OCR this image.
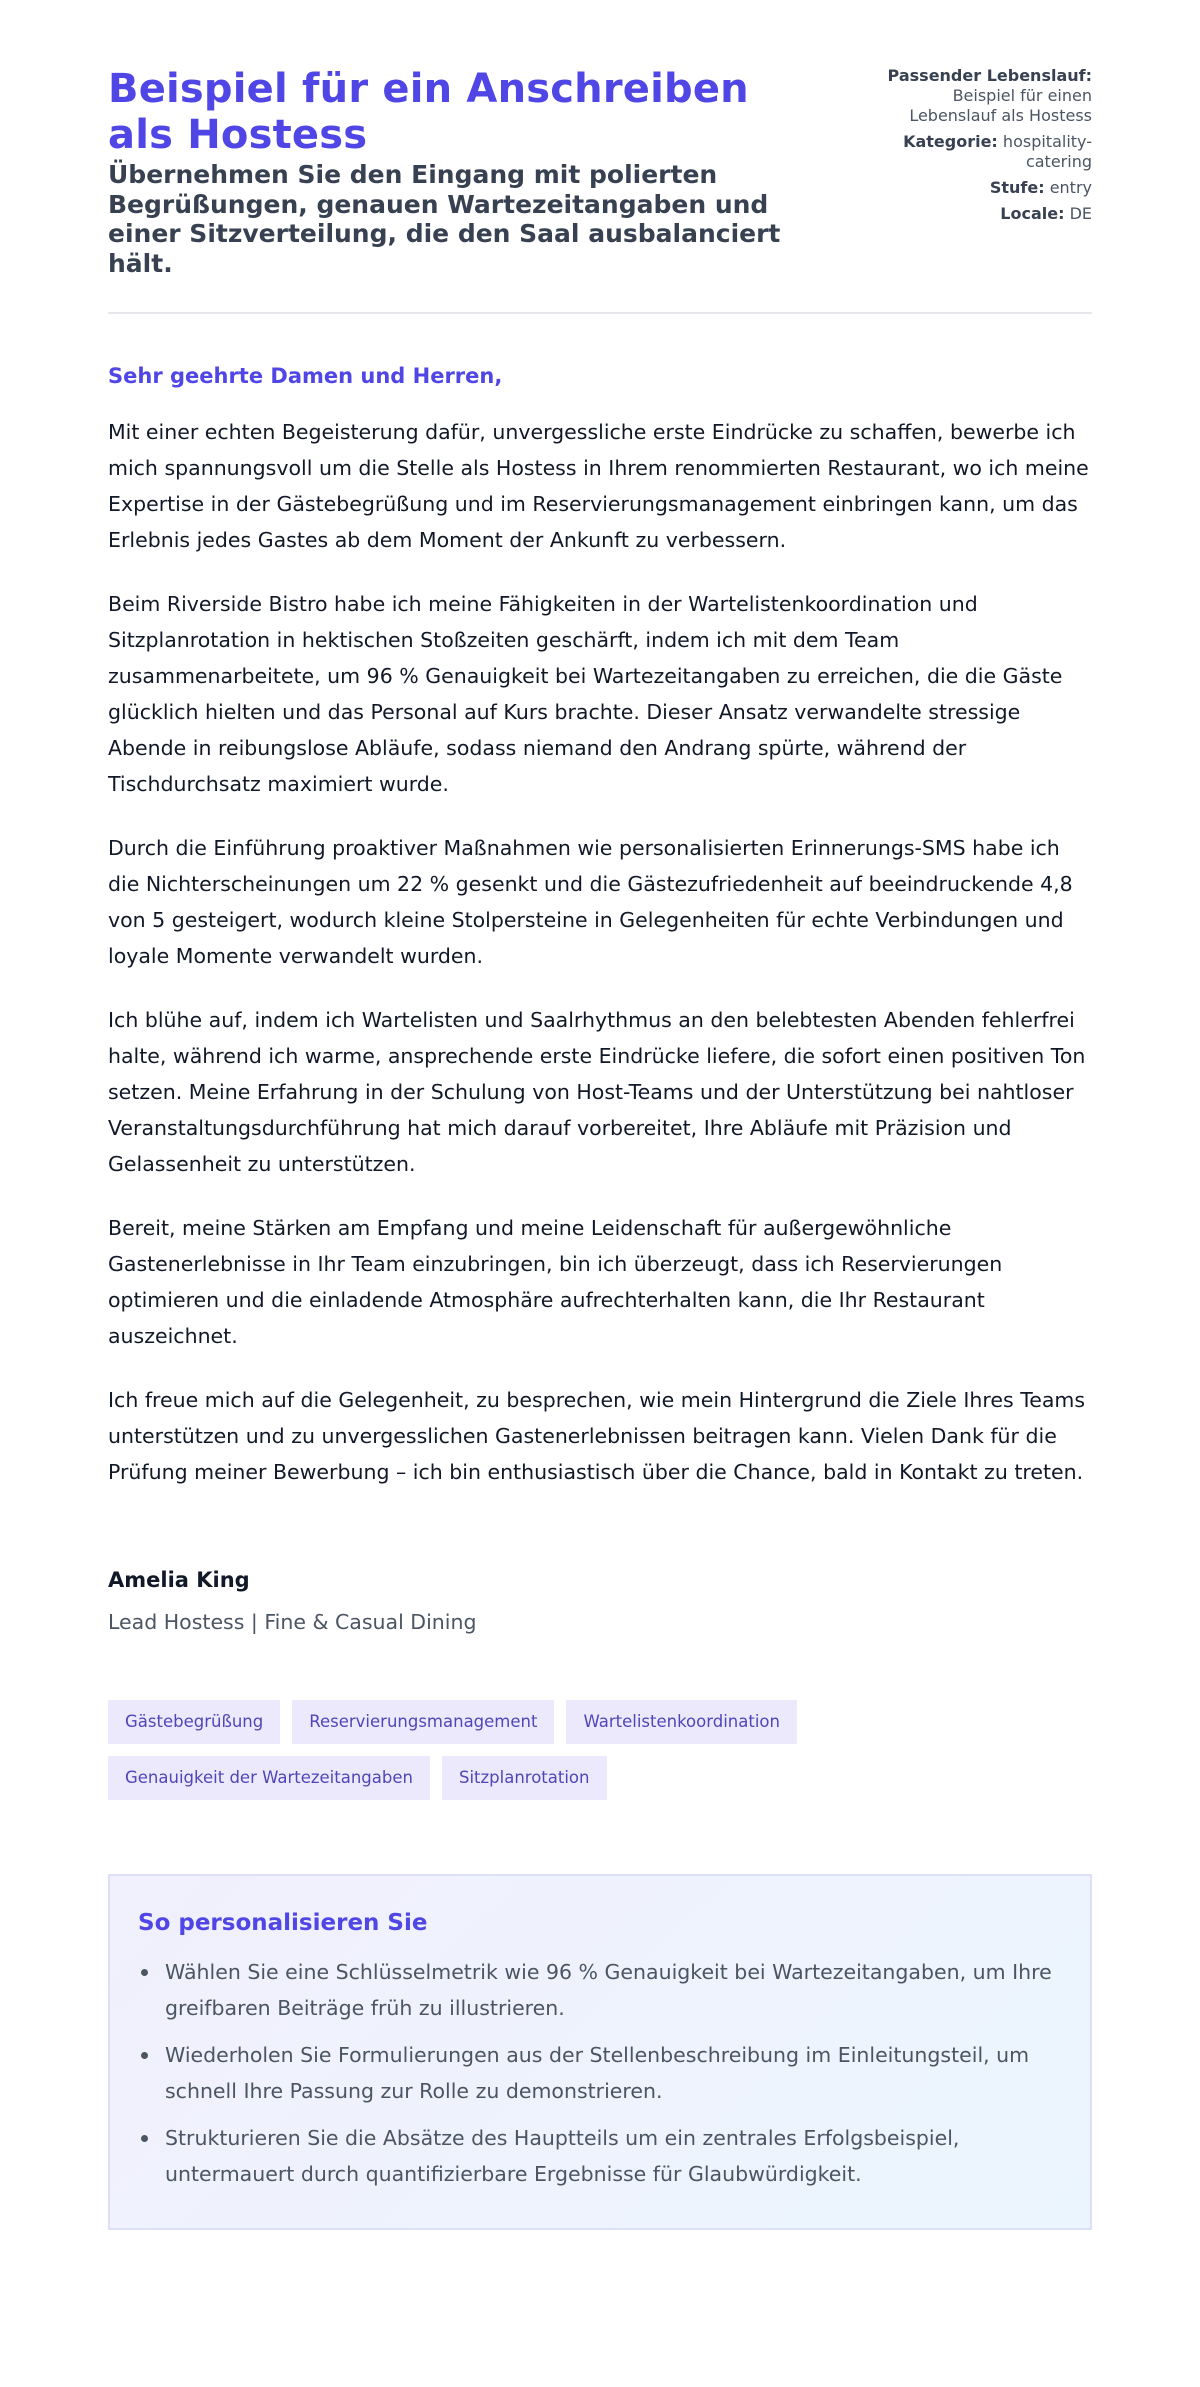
Beispiel für ein Anschreiben als Hostess
Übernehmen Sie den Eingang mit polierten Begrüßungen, genauen Wartezeitangaben und einer Sitzverteilung, die den Saal ausbalanciert hält.
Passender Lebenslauf: Beispiel für einen Lebenslauf als Hostess
Kategorie: hospitality-catering
Stufe: entry
Locale: DE

Sehr geehrte Damen und Herren,

Mit einer echten Begeisterung dafür, unvergessliche erste Eindrücke zu schaffen, bewerbe ich mich spannungsvoll um die Stelle als Hostess in Ihrem renommierten Restaurant, wo ich meine Expertise in der Gästebegrüßung und im Reservierungsmanagement einbringen kann, um das Erlebnis jedes Gastes ab dem Moment der Ankunft zu verbessern.

Beim Riverside Bistro habe ich meine Fähigkeiten in der Wartelistenkoordination und Sitzplanrotation in hektischen Stoßzeiten geschärft, indem ich mit dem Team zusammenarbeitete, um 96 % Genauigkeit bei Wartezeitangaben zu erreichen, die die Gäste glücklich hielten und das Personal auf Kurs brachte. Dieser Ansatz verwandelte stressige Abende in reibungslose Abläufe, sodass niemand den Andrang spürte, während der Tischdurchsatz maximiert wurde.

Durch die Einführung proaktiver Maßnahmen wie personalisierten Erinnerungs-SMS habe ich die Nichterscheinungen um 22 % gesenkt und die Gästezufriedenheit auf beeindruckende 4,8 von 5 gesteigert, wodurch kleine Stolpersteine in Gelegenheiten für echte Verbindungen und loyale Momente verwandelt wurden.

Ich blühe auf, indem ich Wartelisten und Saalrhythmus an den belebtesten Abenden fehlerfrei halte, während ich warme, ansprechende erste Eindrücke liefere, die sofort einen positiven Ton setzen. Meine Erfahrung in der Schulung von Host-Teams und der Unterstützung bei nahtloser Veranstaltungsdurchführung hat mich darauf vorbereitet, Ihre Abläufe mit Präzision und Gelassenheit zu unterstützen.

Bereit, meine Stärken am Empfang und meine Leidenschaft für außergewöhnliche Gastenerlebnisse in Ihr Team einzubringen, bin ich überzeugt, dass ich Reservierungen optimieren und die einladende Atmosphäre aufrechterhalten kann, die Ihr Restaurant auszeichnet.

Ich freue mich auf die Gelegenheit, zu besprechen, wie mein Hintergrund die Ziele Ihres Teams unterstützen und zu unvergesslichen Gastenerlebnissen beitragen kann. Vielen Dank für die Prüfung meiner Bewerbung – ich bin enthusiastisch über die Chance, bald in Kontakt zu treten.

Amelia King
Lead Hostess | Fine & Casual Dining
Gästebegrüßung	Reservierungsmanagement	Wartelistenkoordination
Genauigkeit der Wartezeitangaben	Sitzplanrotation
So personalisieren Sie
Wählen Sie eine Schlüsselmetrik wie 96 % Genauigkeit bei Wartezeitangaben, um Ihre greifbaren Beiträge früh zu illustrieren.
Wiederholen Sie Formulierungen aus der Stellenbeschreibung im Einleitungsteil, um schnell Ihre Passung zur Rolle zu demonstrieren.
Strukturieren Sie die Absätze des Hauptteils um ein zentrales Erfolgsbeispiel, untermauert durch quantifizierbare Ergebnisse für Glaubwürdigkeit.
